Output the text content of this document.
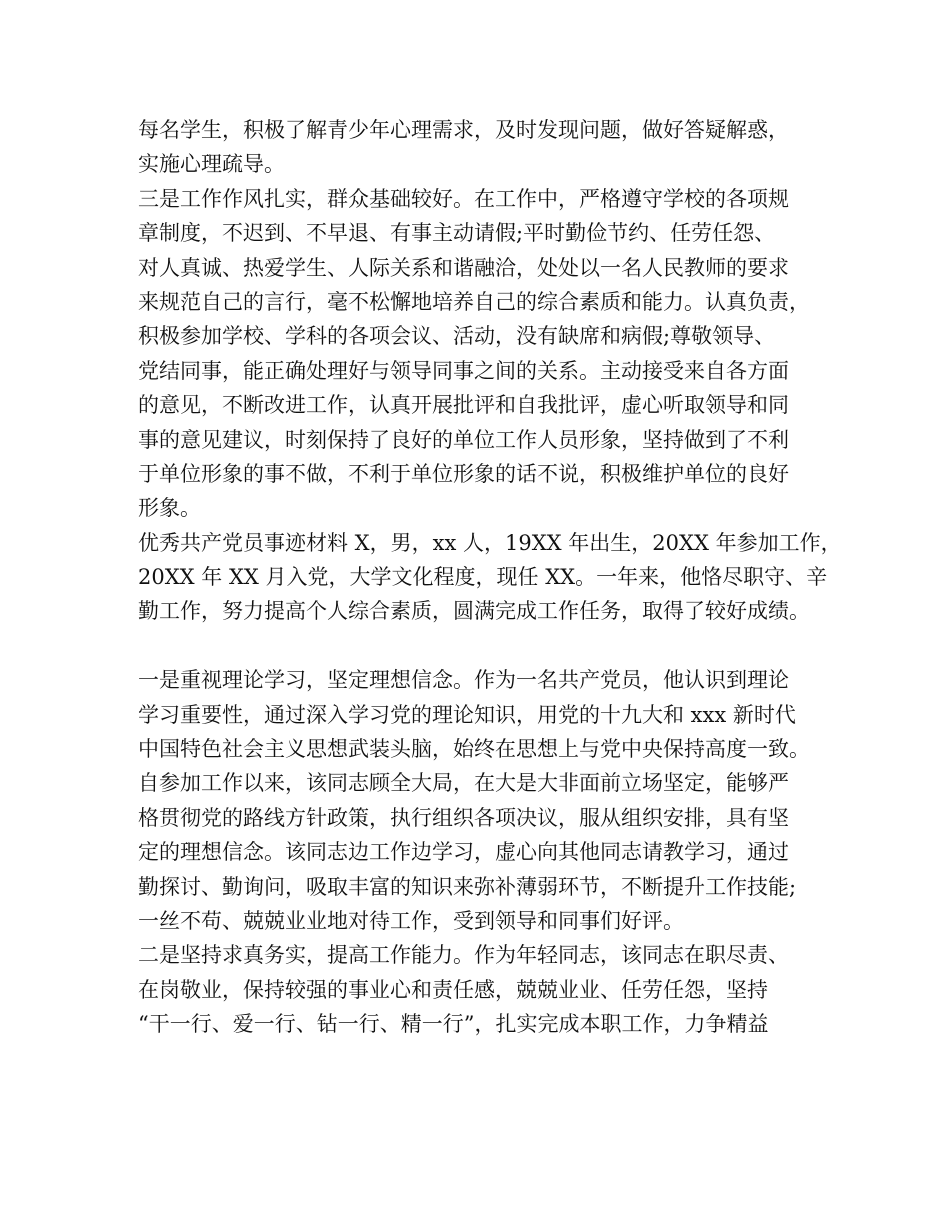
每名学生，积极了解青少年心理需求，及时发现问题，做好答疑解惑，
实施心理疏导。
三是工作作风扎实，群众基础较好。在工作中，严格遵守学校的各项规
章制度，不迟到、不早退、有事主动请假;平时勤俭节约、任劳任怨、
对人真诚、热爱学生、人际关系和谐融洽，处处以一名人民教师的要求
来规范自己的言行，毫不松懈地培养自己的综合素质和能力。认真负责，
积极参加学校、学科的各项会议、活动，没有缺席和病假;尊敬领导、
党结同事，能正确处理好与领导同事之间的关系。主动接受来自各方面
的意见，不断改进工作，认真开展批评和自我批评，虚心听取领导和同
事的意见建议，时刻保持了良好的单位工作人员形象，坚持做到了不利
于单位形象的事不做，不利于单位形象的话不说，积极维护单位的良好
形象。
优秀共产党员事迹材料 X，男，xx 人，19XX 年出生，20XX 年参加工作，
20XX 年 XX 月入党，大学文化程度，现任 XX。一年来，他恪尽职守、辛
勤工作，努力提高个人综合素质，圆满完成工作任务，取得了较好成绩。
一是重视理论学习，坚定理想信念。作为一名共产党员，他认识到理论
学习重要性，通过深入学习党的理论知识，用党的十九大和 xxx 新时代
中国特色社会主义思想武装头脑，始终在思想上与党中央保持高度一致。
自参加工作以来，该同志顾全大局，在大是大非面前立场坚定，能够严
格贯彻党的路线方针政策，执行组织各项决议，服从组织安排，具有坚
定的理想信念。该同志边工作边学习，虚心向其他同志请教学习，通过
勤探讨、勤询问，吸取丰富的知识来弥补薄弱环节，不断提升工作技能;
一丝不苟、兢兢业业地对待工作，受到领导和同事们好评。
二是坚持求真务实，提高工作能力。作为年轻同志，该同志在职尽责、
在岗敬业，保持较强的事业心和责任感，兢兢业业、任劳任怨，坚持
“干一行、爱一行、钻一行、精一行”，扎实完成本职工作，力争精益
